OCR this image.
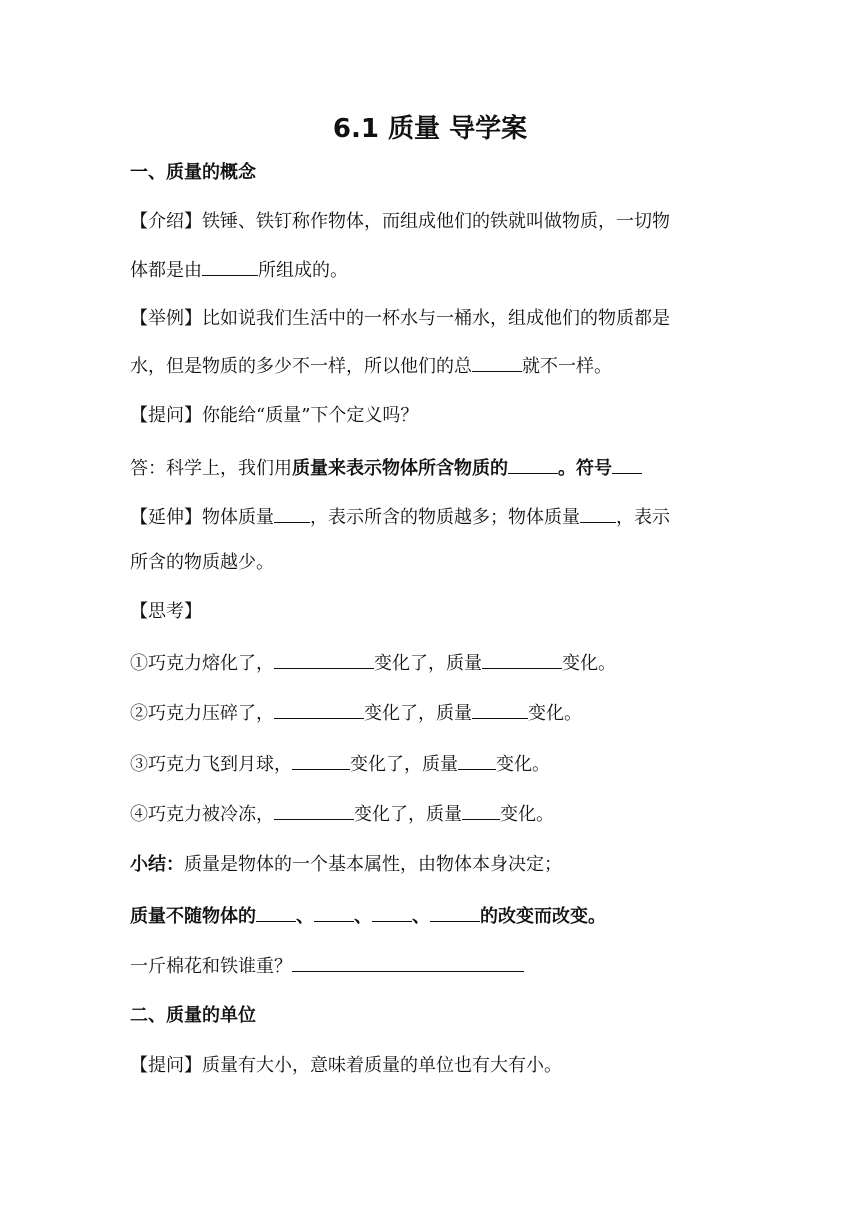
6.1 质量 导学案
一、质量的概念
【介绍】铁锤、铁钉称作物体，而组成他们的铁就叫做物质，一切物
体都是由	所组成的。
【举例】比如说我们生活中的一杯水与一桶水，组成他们的物质都是
水，但是物质的多少不一样，所以他们的总	就不一样。
【提问】你能给“质量”下个定义吗？
答：科学上，我们用质量来表示物体所含物质的	。符号
【延伸】物体质量 ，表示所含的物质越多；物体质量 ，表示
所含的物质越少。
【思考】
①巧克力熔化了，	变化了，质量	变化。
②巧克力压碎了，	变化了，质量	变化。
③巧克力飞到月球，	变化了，质量 变化。
④巧克力被冷冻，	变化了，质量 变化。
小结：质量是物体的一个基本属性，由物体本身决定；
质量不随物体的 、 、 、	的改变而改变。
一斤棉花和铁谁重？
二、质量的单位
【提问】质量有大小，意味着质量的单位也有大有小。
